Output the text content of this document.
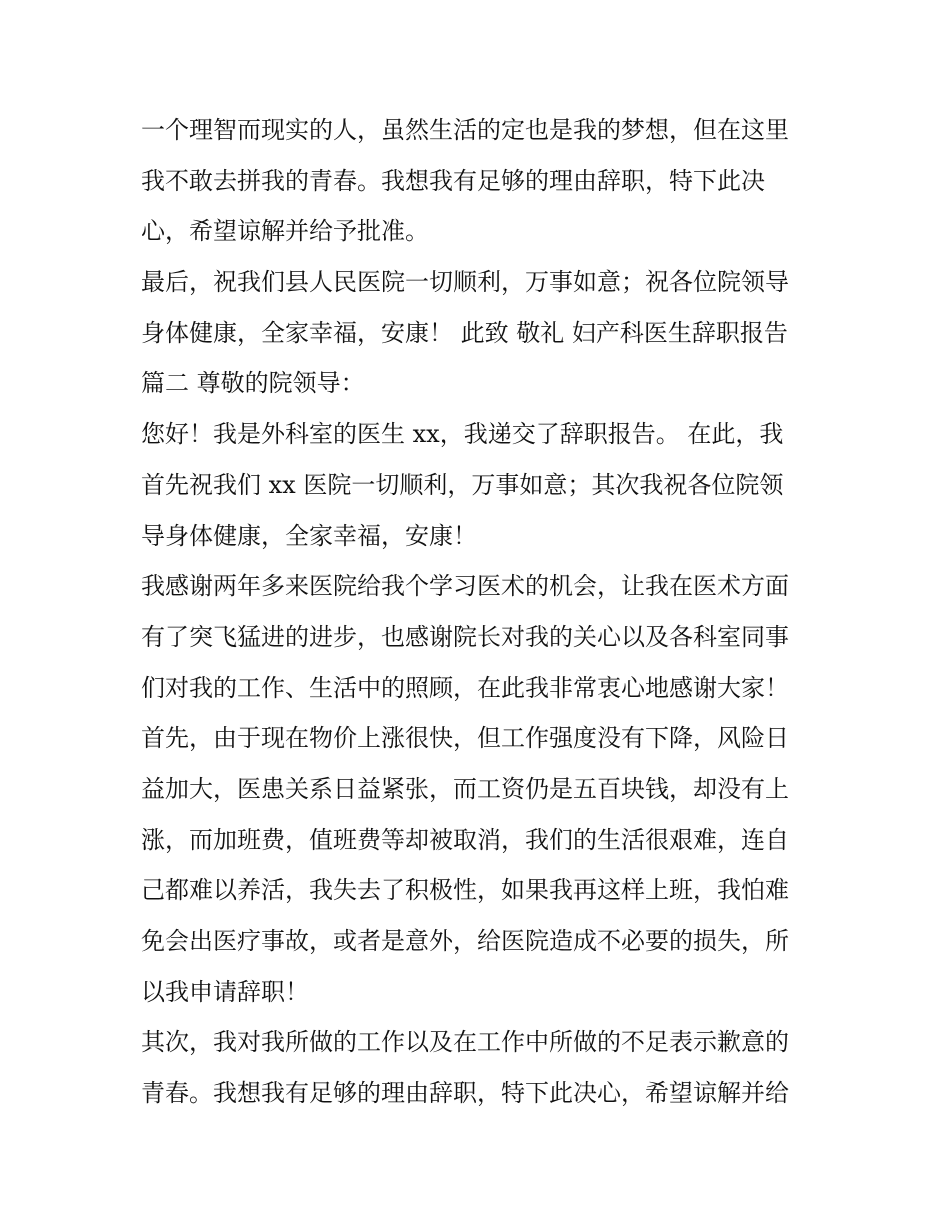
一个理智而现实的人，虽然生活的定也是我的梦想，但在这里
我不敢去拼我的青春。我想我有足够的理由辞职，特下此决
心，希望谅解并给予批准。
最后，祝我们县人民医院一切顺利，万事如意；祝各位院领导
身体健康，全家幸福，安康！ 此致 敬礼 妇产科医生辞职报告
篇二 尊敬的院领导：
您好！我是外科室的医生 xx，我递交了辞职报告。 在此，我
首先祝我们 xx 医院一切顺利，万事如意；其次我祝各位院领
导身体健康，全家幸福，安康！
我感谢两年多来医院给我个学习医术的机会，让我在医术方面
有了突飞猛进的进步，也感谢院长对我的关心以及各科室同事
们对我的工作、生活中的照顾，在此我非常衷心地感谢大家！
首先，由于现在物价上涨很快，但工作强度没有下降，风险日
益加大，医患关系日益紧张，而工资仍是五百块钱，却没有上
涨，而加班费，值班费等却被取消，我们的生活很艰难，连自
己都难以养活，我失去了积极性，如果我再这样上班，我怕难
免会出医疗事故，或者是意外，给医院造成不必要的损失，所
以我申请辞职！
其次，我对我所做的工作以及在工作中所做的不足表示歉意的
青春。我想我有足够的理由辞职，特下此决心，希望谅解并给
